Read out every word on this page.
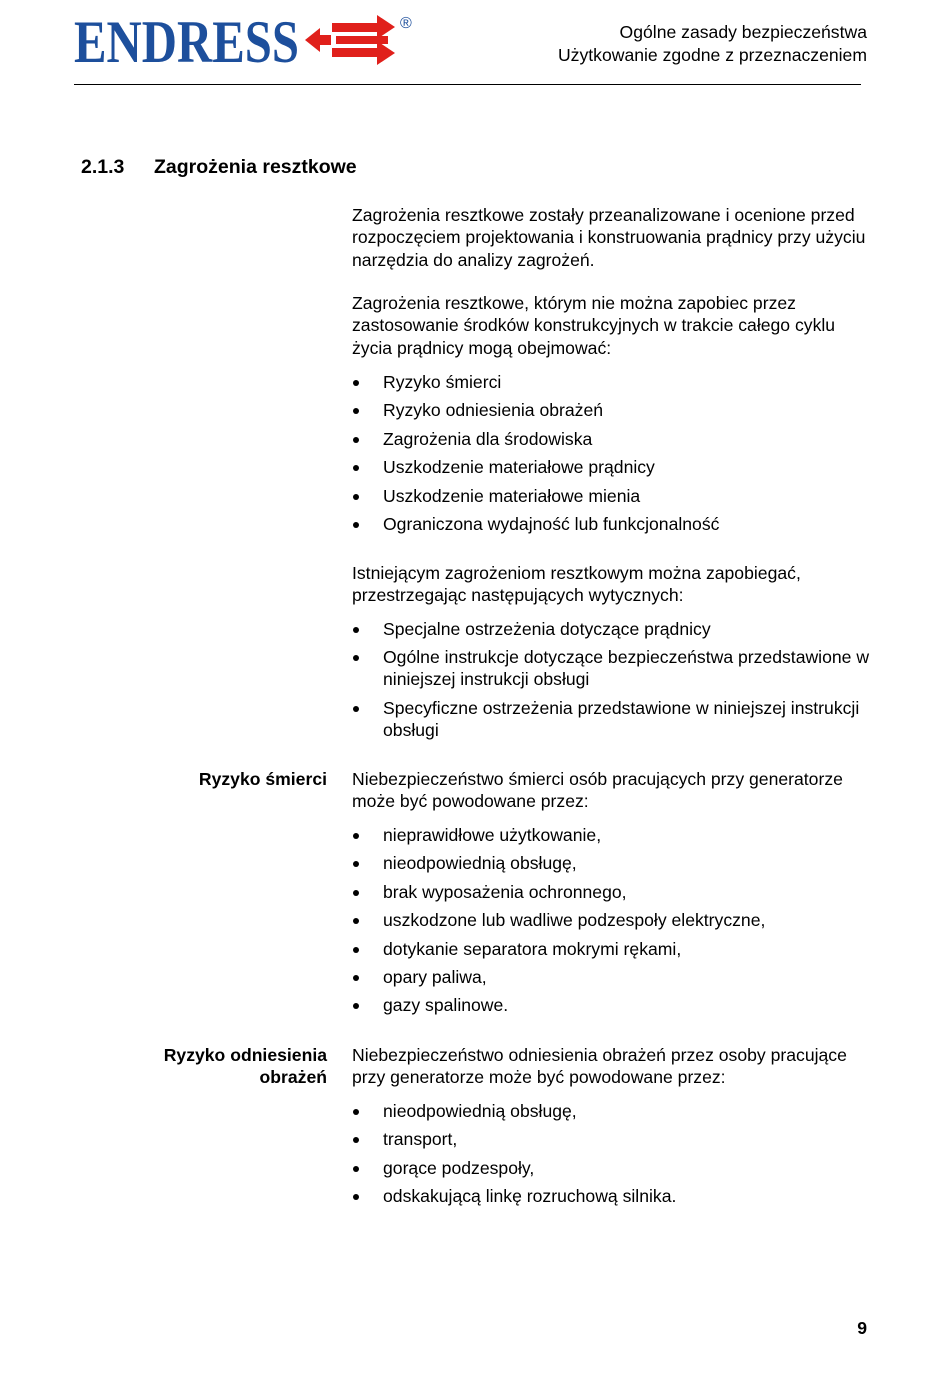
ENDRESS	®	Ogólne zasady bezpieczeństwa
Użytkowanie zgodne z przeznaczeniem
2.1.3 Zagrożenia resztkowe

Zagrożenia resztkowe zostały przeanalizowane i ocenione przed rozpoczęciem projektowania i konstruowania prądnicy przy użyciu narzędzia do analizy zagrożeń.

Zagrożenia resztkowe, którym nie można zapobiec przez zastosowanie środków konstrukcyjnych w trakcie całego cyklu życia prądnicy mogą obejmować:

Ryzyko śmierci
Ryzyko odniesienia obrażeń
Zagrożenia dla środowiska
Uszkodzenie materiałowe prądnicy
Uszkodzenie materiałowe mienia
Ograniczona wydajność lub funkcjonalność

Istniejącym zagrożeniom resztkowym można zapobiegać, przestrzegając następujących wytycznych:

Specjalne ostrzeżenia dotyczące prądnicy
Ogólne instrukcje dotyczące bezpieczeństwa przedstawione w niniejszej instrukcji obsługi
Specyficzne ostrzeżenia przedstawione w niniejszej instrukcji obsługi
Ryzyko śmierci Niebezpieczeństwo śmierci osób pracujących przy generatorze może być powodowane przez:

nieprawidłowe użytkowanie,
nieodpowiednią obsługę,
brak wyposażenia ochronnego,
uszkodzone lub wadliwe podzespoły elektryczne,
dotykanie separatora mokrymi rękami,
opary paliwa,
gazy spalinowe.
Ryzyko odniesienia
obrażeń

Niebezpieczeństwo odniesienia obrażeń przez osoby pracujące przy generatorze może być powodowane przez:

nieodpowiednią obsługę,
transport,
gorące podzespoły,
odskakującą linkę rozruchową silnika.
9
